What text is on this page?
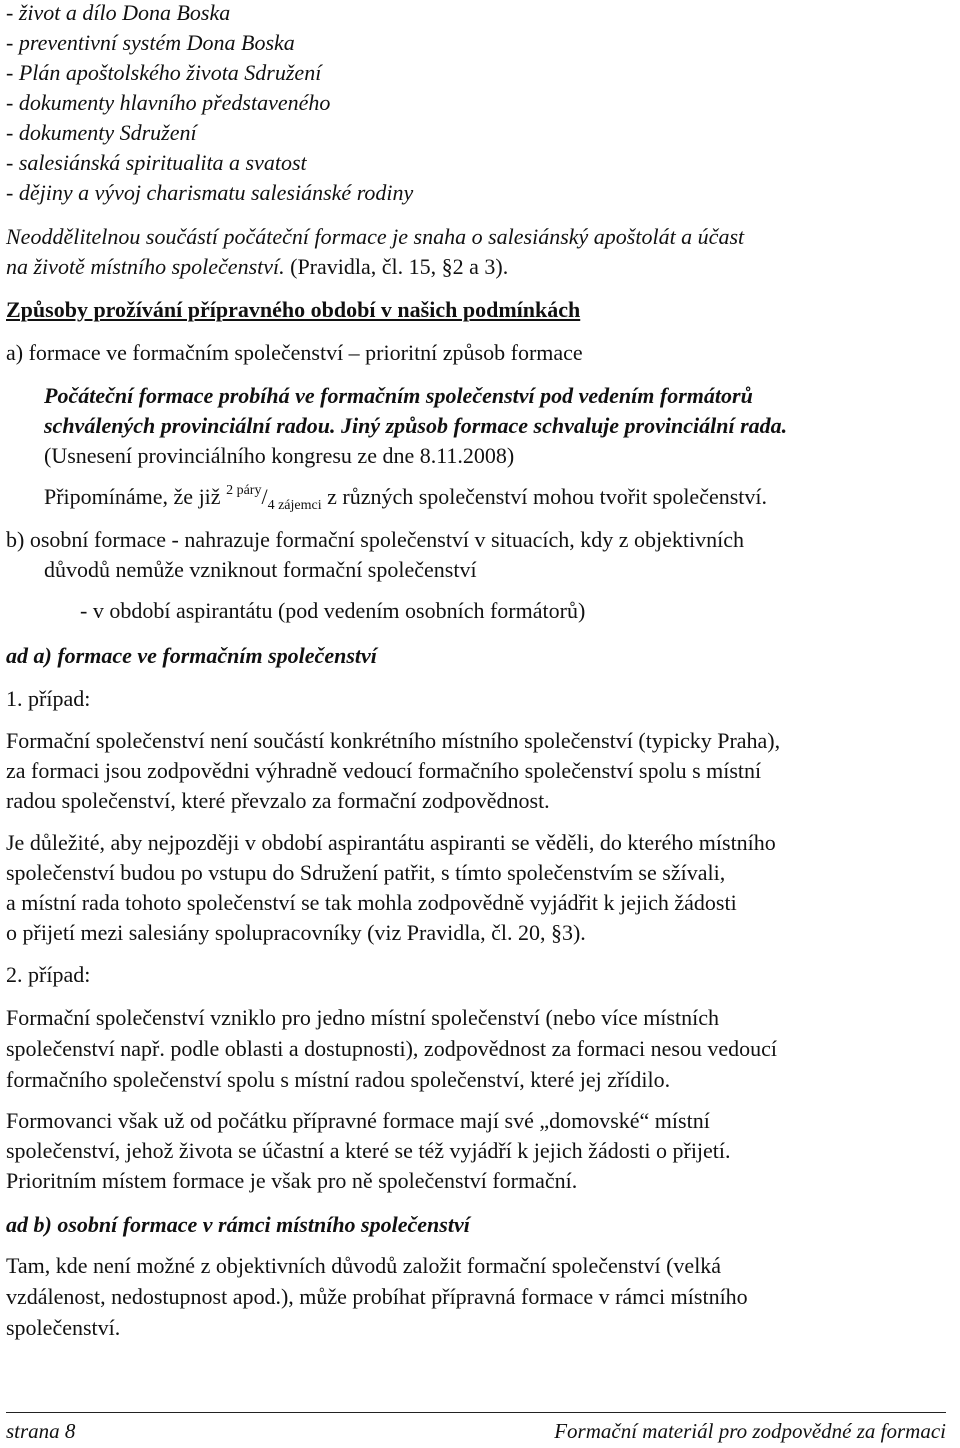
- život a dílo Dona Boska
- preventivní systém Dona Boska
- Plán apoštolského života Sdružení
- dokumenty hlavního představeného
- dokumenty Sdružení
- salesiánská spiritualita a svatost
- dějiny a vývoj charismatu salesiánské rodiny
Neoddělitelnou součástí počáteční formace je snaha o salesiánský apoštolát a účast
na životě místního společenství. (Pravidla, čl. 15, §2 a 3).
Způsoby prožívání přípravného období v našich podmínkách
a) formace ve formačním společenství – prioritní způsob formace
Počáteční formace probíhá ve formačním společenství pod vedením formátorů
schválených provinciální radou. Jiný způsob formace schvaluje provinciální rada.
(Usnesení provinciálního kongresu ze dne 8.11.2008)
Připomínáme, že již $^{2 páry}/_4$ $_{zájemci}$ z různých společenství mohou tvořit společenství.
b) osobní formace - nahrazuje formační společenství v situacích, kdy z objektivních
důvodů nemůže vzniknout formační společenství
- v období aspirantátu (pod vedením osobních formátorů)
ad a) formace ve formačním společenství
1. případ:
Formační společenství není součástí konkrétního místního společenství (typicky Praha),
za formaci jsou zodpovědni výhradně vedoucí formačního společenství spolu s místní
radou společenství, které převzalo za formační zodpovědnost.
Je důležité, aby nejpozději v období aspirantátu aspiranti se věděli, do kterého místního
společenství budou po vstupu do Sdružení patřit, s tímto společenstvím se sžívali,
a místní rada tohoto společenství se tak mohla zodpovědně vyjádřit k jejich žádosti
o přijetí mezi salesiány spolupracovníky (viz Pravidla, čl. 20, §3).
2. případ:
Formační společenství vzniklo pro jedno místní společenství (nebo více místních
společenství např. podle oblasti a dostupnosti), zodpovědnost za formaci nesou vedoucí
formačního společenství spolu s místní radou společenství, které jej zřídilo.
Formovanci však už od počátku přípravné formace mají své „domovské“ místní
společenství, jehož života se účastní a které se též vyjádří k jejich žádosti o přijetí.
Prioritním místem formace je však pro ně společenství formační.
ad b) osobní formace v rámci místního společenství
Tam, kde není možné z objektivních důvodů založit formační společenství (velká
vzdálenost, nedostupnost apod.), může probíhat přípravná formace v rámci místního
společenství.
strana 8	Formační materiál pro zodpovědné za formaci
